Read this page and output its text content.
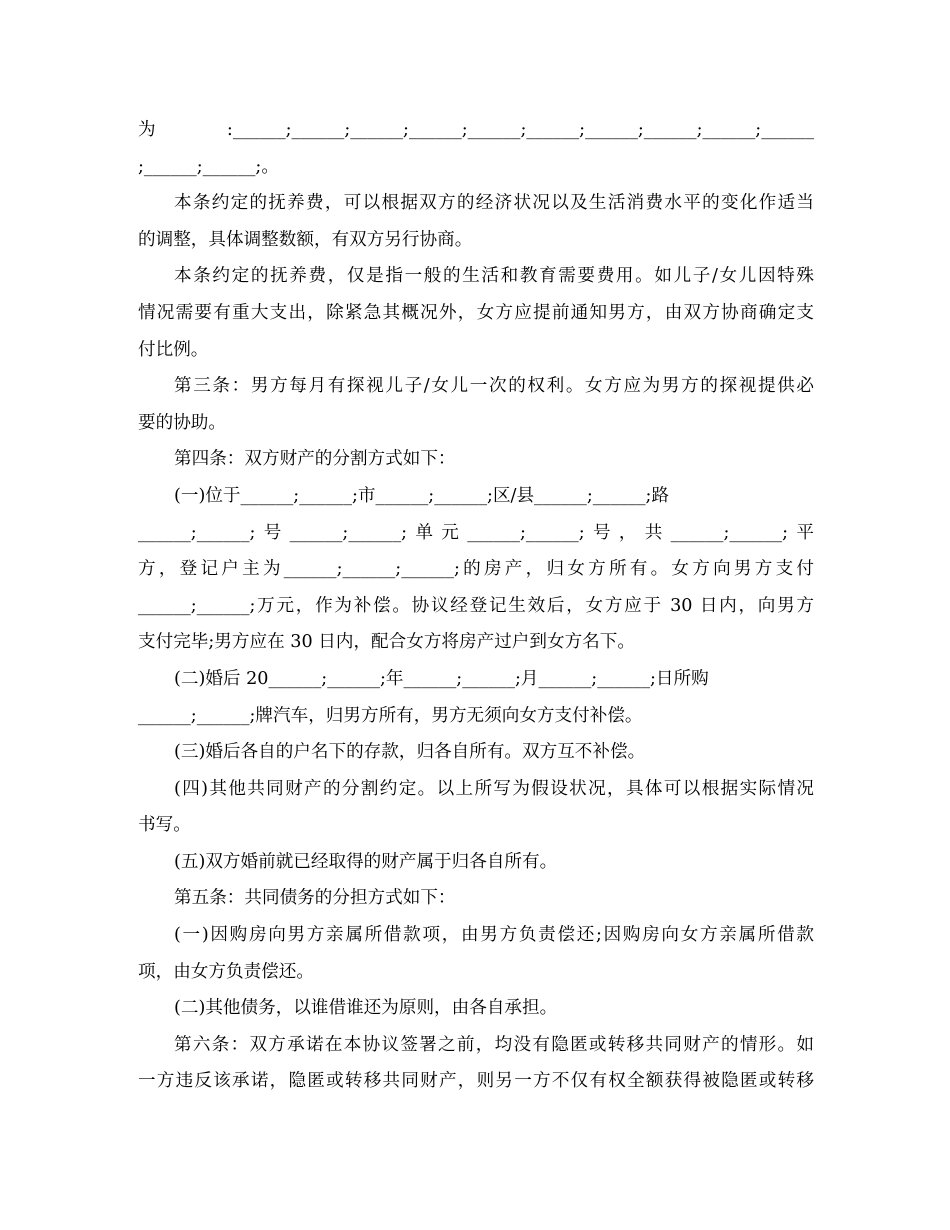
为:______;______;______;______;______;______;______;______;______;______
;______;______;。
本条约定的抚养费，可以根据双方的经济状况以及生活消费水平的变化作适当
的调整，具体调整数额，有双方另行协商。
本条约定的抚养费，仅是指一般的生活和教育需要费用。如儿子/女儿因特殊
情况需要有重大支出，除紧急其概况外，女方应提前通知男方，由双方协商确定支
付比例。
第三条：男方每月有探视儿子/女儿一次的权利。女方应为男方的探视提供必
要的协助。
第四条：双方财产的分割方式如下：
(一)位于______;______;市______;______;区/县______;______;路
______;______;号______;______;单元______;______;号，共______;______;平
方，登记户主为______;______;______;的房产，归女方所有。女方向男方支付
______;______;万元，作为补偿。协议经登记生效后，女方应于 30 日内，向男方
支付完毕;男方应在 30 日内，配合女方将房产过户到女方名下。
(二)婚后 20______;______;年______;______;月______;______;日所购
______;______;牌汽车，归男方所有，男方无须向女方支付补偿。
(三)婚后各自的户名下的存款，归各自所有。双方互不补偿。
(四)其他共同财产的分割约定。以上所写为假设状况，具体可以根据实际情况
书写。
(五)双方婚前就已经取得的财产属于归各自所有。
第五条：共同债务的分担方式如下：
(一)因购房向男方亲属所借款项，由男方负责偿还;因购房向女方亲属所借款
项，由女方负责偿还。
(二)其他债务，以谁借谁还为原则，由各自承担。
第六条：双方承诺在本协议签署之前，均没有隐匿或转移共同财产的情形。如
一方违反该承诺，隐匿或转移共同财产，则另一方不仅有权全额获得被隐匿或转移
